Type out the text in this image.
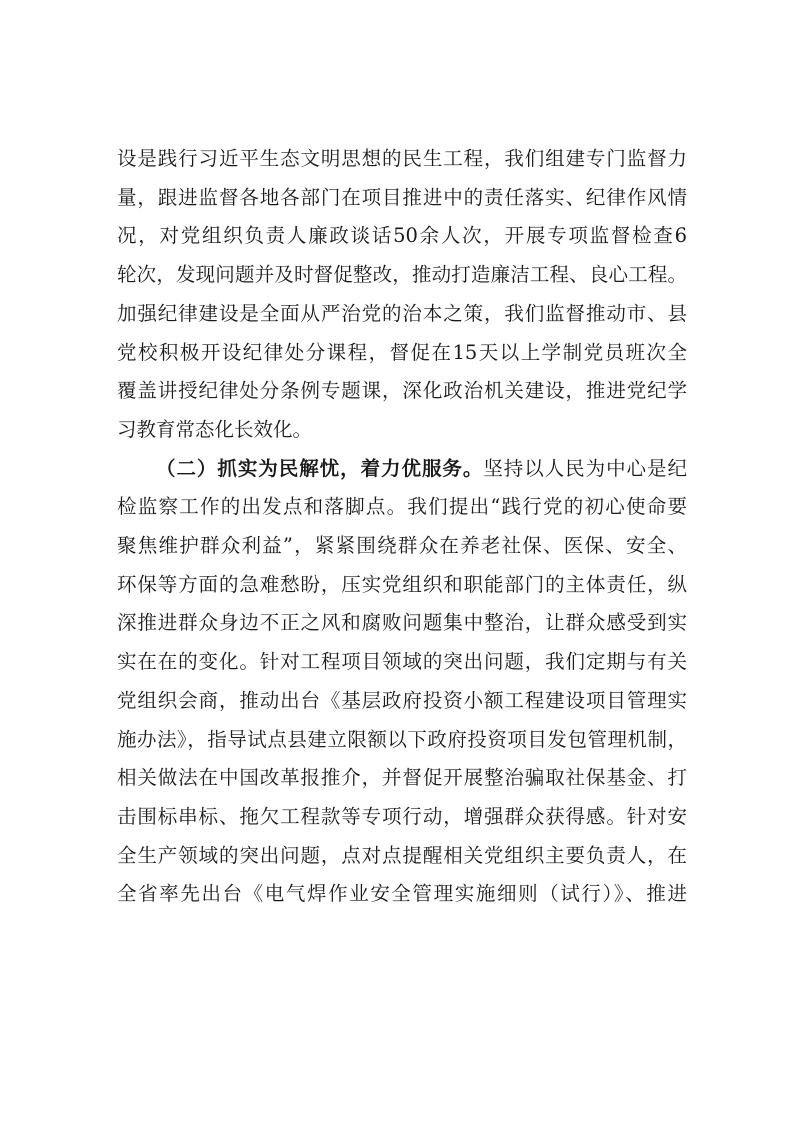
设是践行习近平生态文明思想的民生工程，我们组建专门监督力
量，跟进监督各地各部门在项目推进中的责任落实、纪律作风情
况，对党组织负责人廉政谈话50余人次，开展专项监督检查6
轮次，发现问题并及时督促整改，推动打造廉洁工程、良心工程。
加强纪律建设是全面从严治党的治本之策，我们监督推动市、县
党校积极开设纪律处分课程，督促在15天以上学制党员班次全
覆盖讲授纪律处分条例专题课，深化政治机关建设，推进党纪学
习教育常态化长效化。
（二）抓实为民解忧，着力优服务。坚持以人民为中心是纪
检监察工作的出发点和落脚点。我们提出“践行党的初心使命要
聚焦维护群众利益”，紧紧围绕群众在养老社保、医保、安全、
环保等方面的急难愁盼，压实党组织和职能部门的主体责任，纵
深推进群众身边不正之风和腐败问题集中整治，让群众感受到实
实在在的变化。针对工程项目领域的突出问题，我们定期与有关
党组织会商，推动出台《基层政府投资小额工程建设项目管理实
施办法》，指导试点县建立限额以下政府投资项目发包管理机制，
相关做法在中国改革报推介，并督促开展整治骗取社保基金、打
击围标串标、拖欠工程款等专项行动，增强群众获得感。针对安
全生产领域的突出问题，点对点提醒相关党组织主要负责人，在
全省率先出台《电气焊作业安全管理实施细则（试行）》、推进
